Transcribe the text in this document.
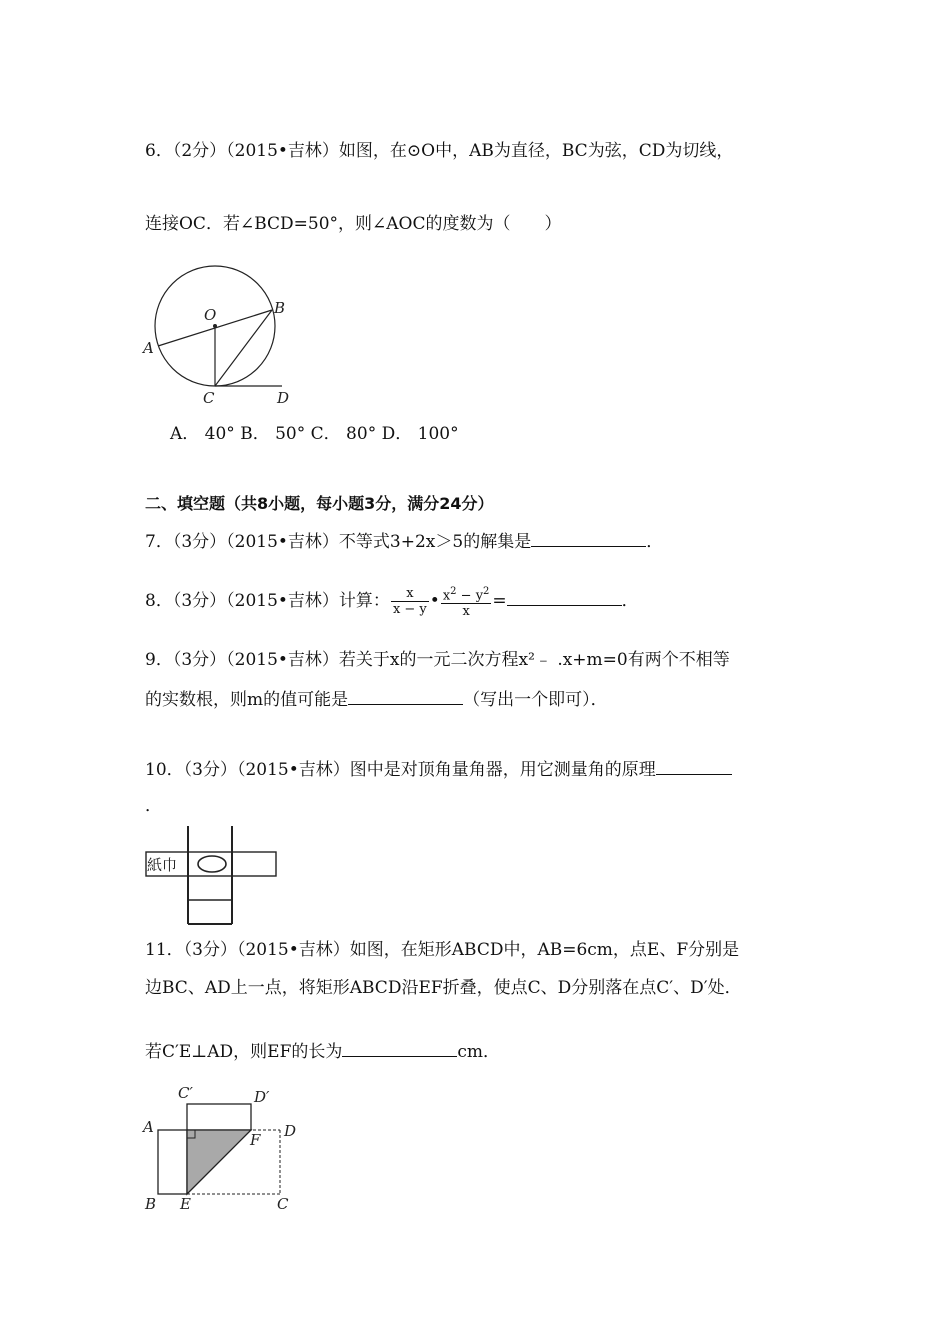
6．（2分）（2015•吉林）如图，在⊙O中，AB为直径，BC为弦，CD为切线，
连接OC．若∠BCD=50°，则∠AOC的度数为（　　）
O
A
B
C	D
A． 40° B． 50° C． 80° D． 100°
二、填空题（共8小题，每小题3分，满分24分）
7．（3分）（2015•吉林）不等式3+2x＞5的解集是	．
8．（3分）（2015•吉林）计算： $\frac{x}{x - y}$ • $\frac{x^2 - y^2}{x}$ =	．
9．（3分）（2015•吉林）若关于x的一元二次方程x²﹣ .x+m=0有两个不相等
的实数根，则m的值可能是	（写出一个即可）．
10．（3分）（2015•吉林）图中是对顶角量角器，用它测量角的原理
．
紙巾
11．（3分）（2015•吉林）如图，在矩形ABCD中，AB=6cm，点E、F分别是
边BC、AD上一点，将矩形ABCD沿EF折叠，使点C、D分别落在点C′、D′处．
若C′E⊥AD，则EF的长为	cm．
C′	D′
A
F D
B E	C
